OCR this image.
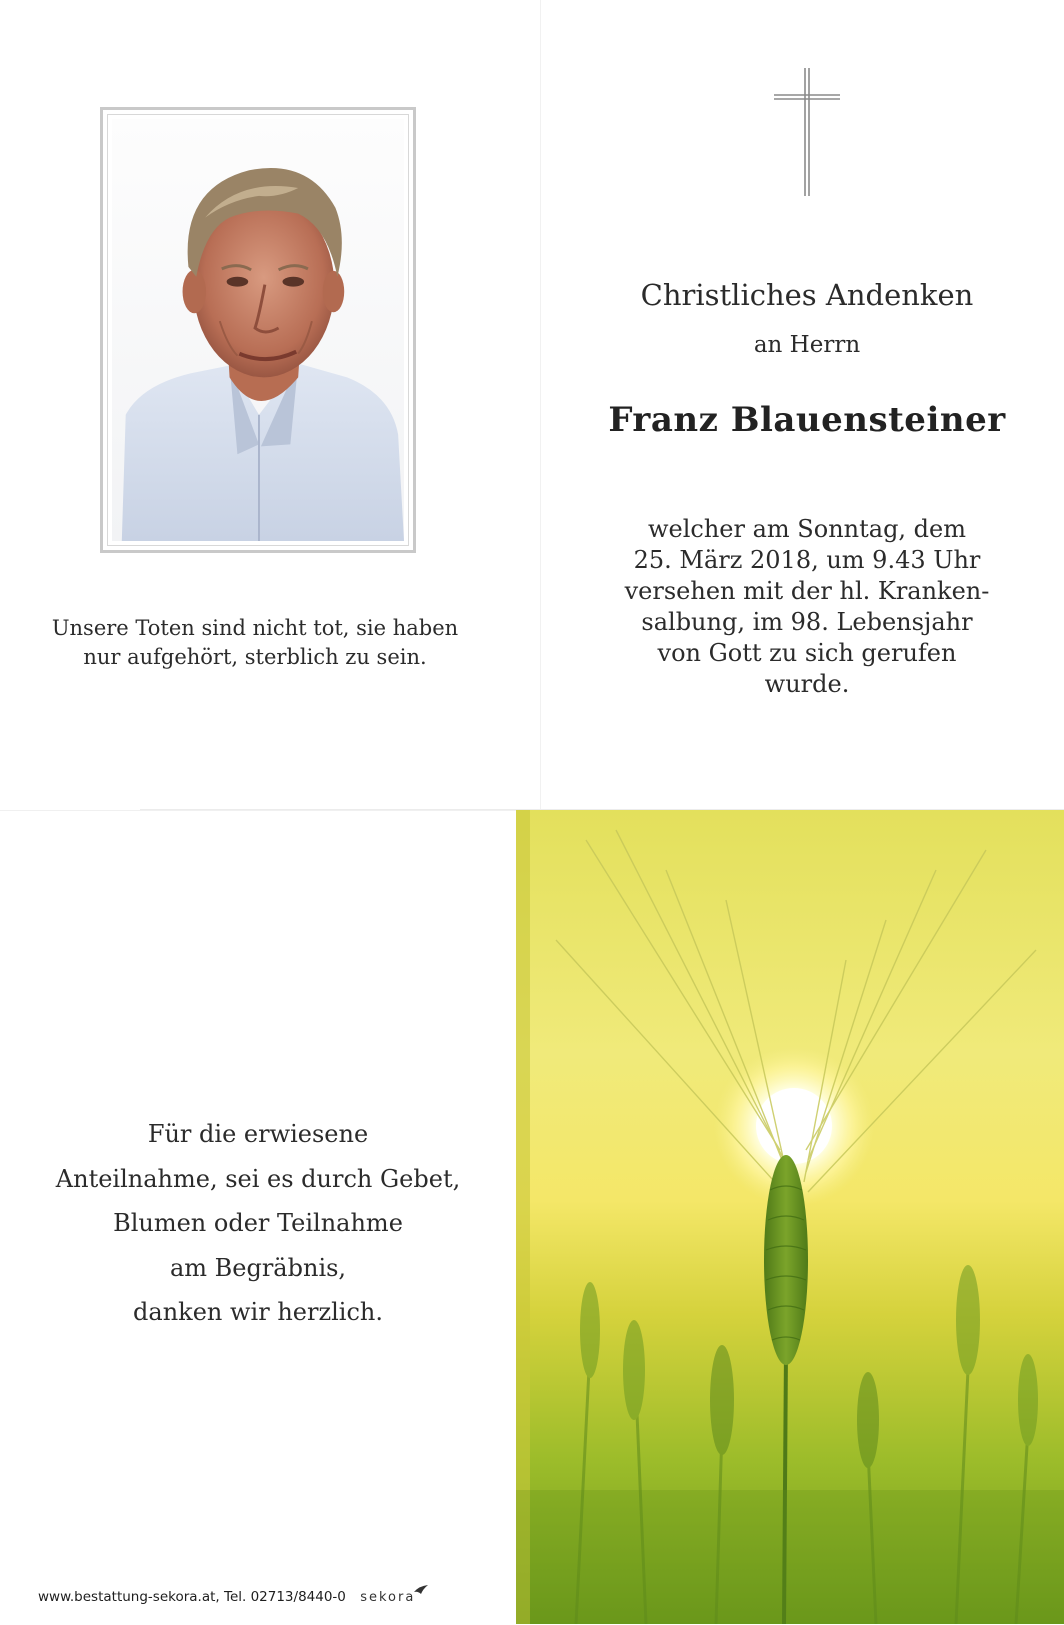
Unsere Toten sind nicht tot, sie haben
nur aufgehört, sterblich zu sein.
Christliches Andenken
an Herrn
Franz Blauensteiner
welcher am Sonntag, dem
25. März 2018, um 9.43 Uhr
versehen mit der hl. Kranken-
salbung, im 98. Lebensjahr
von Gott zu sich gerufen
wurde.
Für die erwiesene
Anteilnahme, sei es durch Gebet,
Blumen oder Teilnahme
am Begräbnis,
danken wir herzlich.
www.bestattung-sekora.at, Tel. 02713/8440-0 sekora
